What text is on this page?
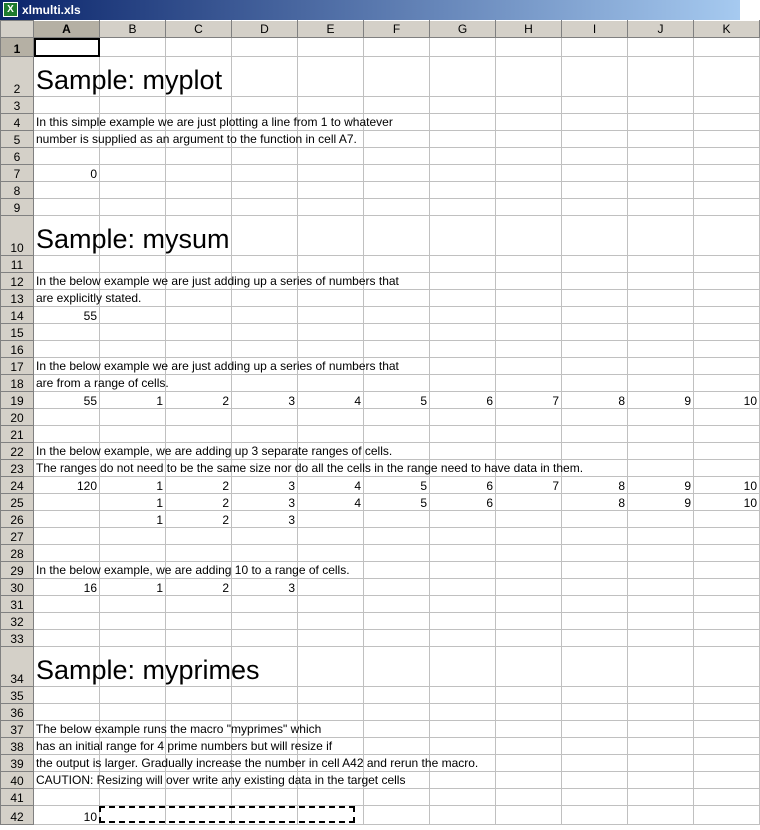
X xlmulti.xls
	A	B	C	D	E	F	G	H	I	J	K
1											
2	Sample: myplot										

3											
4	In this simple example we are just plotting a line from 1 to whatever										

5	number is supplied as an argument to the function in cell A7.										

6											
7	0										

8											
9											
10	Sample: mysum										

11											
12	In the below example we are just adding up a series of numbers that										

13	are explicitly stated.										

14	55										

15											
16											
17	In the below example we are just adding up a series of numbers that										

18	are from a range of cells.										

19	55	1	2	3	4	5	6	7	8	9	10

20											
21											
22	In the below example, we are adding up 3 separate ranges of cells.										

23	The ranges do not need to be the same size nor do all the cells in the range need to have data in them.										

24	120	1	2	3	4	5	6	7	8	9	10

25		1	2	3	4	5	6		8	9	10

26		1	2	3							

27											
28											
29	In the below example, we are adding 10 to a range of cells.										

30	16	1	2	3							

31											
32											
33											
34	Sample: myprimes										

35											
36											
37	The below example runs the macro "myprimes" which										

38	has an initial range for 4 prime numbers but will resize if										

39	the output is larger. Gradually increase the number in cell A42 and rerun the macro.										

40	CAUTION: Resizing will over write any existing data in the target cells										

41											
42	10										
